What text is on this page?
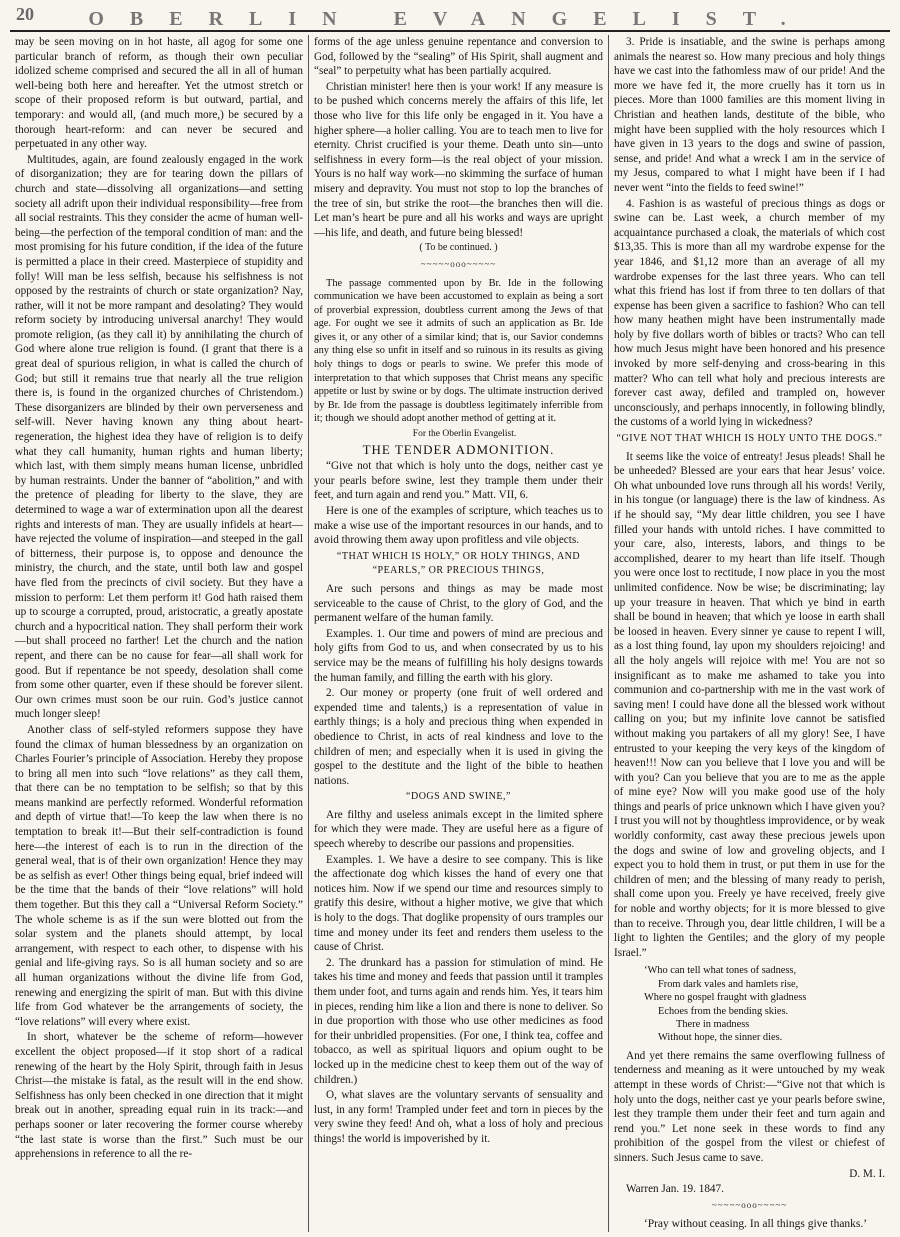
20	OBERLIN EVANGELIST.

may be seen moving on in hot haste, all agog for some one particular branch of reform, as though their own peculiar idolized scheme comprised and secured the all in all of human well-being both here and hereafter. Yet the utmost stretch or scope of their proposed reform is but outward, partial, and temporary: and would all, (and much more,) be secured by a thorough heart-reform: and can never be secured and perpetuated in any other way.

Multitudes, again, are found zealously engaged in the work of disorganization; they are for tearing down the pillars of church and state—dissolving all organizations—and setting society all adrift upon their individual responsibility—free from all social restraints. This they consider the acme of human well-being—the perfection of the temporal condition of man: and the most promising for his future condition, if the idea of the future is permitted a place in their creed. Masterpiece of stupidity and folly! Will man be less selfish, because his selfishness is not opposed by the restraints of church or state organization? Nay, rather, will it not be more rampant and desolating? They would reform society by introducing universal anarchy! They would promote religion, (as they call it) by annihilating the church of God where alone true religion is found. (I grant that there is a great deal of spurious religion, in what is called the church of God; but still it remains true that nearly all the true religion there is, is found in the organized churches of Christendom.) These disorganizers are blinded by their own perverseness and self-will. Never having known any thing about heart-regeneration, the highest idea they have of religion is to deify what they call humanity, human rights and human liberty; which last, with them simply means human license, unbridled by human restraints. Under the banner of “abolition,” and with the pretence of pleading for liberty to the slave, they are determined to wage a war of extermination upon all the dearest rights and interests of man. They are usually infidels at heart—have rejected the volume of inspiration—and steeped in the gall of bitterness, their purpose is, to oppose and denounce the ministry, the church, and the state, until both law and gospel have fled from the precincts of civil society. But they have a mission to perform: Let them perform it! God hath raised them up to scourge a corrupted, proud, aristocratic, a greatly apostate church and a hypocritical nation. They shall perform their work—but shall proceed no farther! Let the church and the nation repent, and there can be no cause for fear—all shall work for good. But if repentance be not speedy, desolation shall come from some other quarter, even if these should be forever silent. Our own crimes must soon be our ruin. God’s justice cannot much longer sleep!

Another class of self-styled reformers suppose they have found the climax of human blessedness by an organization on Charles Fourier’s principle of Association. Hereby they propose to bring all men into such “love relations” as they call them, that there can be no temptation to be selfish; so that by this means mankind are perfectly reformed. Wonderful reformation and depth of virtue that!—To keep the law when there is no temptation to break it!—But their self-contradiction is found here—the interest of each is to run in the direction of the general weal, that is of their own organization! Hence they may be as selfish as ever! Other things being equal, brief indeed will be the time that the bands of their “love relations” will hold them together. But this they call a “Universal Reform Society.” The whole scheme is as if the sun were blotted out from the solar system and the planets should attempt, by local arrangement, with respect to each other, to dispense with his genial and life-giving rays. So is all human society and so are all human organizations without the divine life from God, renewing and energizing the spirit of man. But with this divine life from God whatever be the arrangements of society, the “love relations” will every where exist.

In short, whatever be the scheme of reform—however excellent the object proposed—if it stop short of a radical renewing of the heart by the Holy Spirit, through faith in Jesus Christ—the mistake is fatal, as the result will in the end show. Selfishness has only been checked in one direction that it might break out in another, spreading equal ruin in its track:—and perhaps sooner or later recovering the former course whereby “the last state is worse than the first.” Such must be our apprehensions in reference to all the re-

forms of the age unless genuine repentance and conversion to God, followed by the “sealing” of His Spirit, shall augment and “seal” to perpetuity what has been partially acquired.

Christian minister! here then is your work! If any measure is to be pushed which concerns merely the affairs of this life, let those who live for this life only be engaged in it. You have a higher sphere—a holier calling. You are to teach men to live for eternity. Christ crucified is your theme. Death unto sin—unto selfishness in every form—is the real object of your mission. Yours is no half way work—no skimming the surface of human misery and depravity. You must not stop to lop the branches of the tree of sin, but strike the root—the branches then will die. Let man’s heart be pure and all his works and ways are upright—his life, and death, and future being blessed!

( To be continued. )

~~~~~ooo~~~~~

The passage commented upon by Br. Ide in the following communication we have been accustomed to explain as being a sort of proverbial expression, doubtless current among the Jews of that age. For ought we see it admits of such an application as Br. Ide gives it, or any other of a similar kind; that is, our Savior condemns any thing else so unfit in itself and so ruinous in its results as giving holy things to dogs or pearls to swine. We prefer this mode of interpretation to that which supposes that Christ means any specific appetite or lust by swine or by dogs. The ultimate instruction derived by Br. Ide from the passage is doubtless legitimately inferrible from it; though we should adopt another method of getting at it.

For the Oberlin Evangelist.

THE TENDER ADMONITION.

“Give not that which is holy unto the dogs, neither cast ye your pearls before swine, lest they trample them under their feet, and turn again and rend you.” Matt. VII, 6.

Here is one of the examples of scripture, which teaches us to make a wise use of the important resources in our hands, and to avoid throwing them away upon profitless and vile objects.

“THAT WHICH IS HOLY,” OR HOLY THINGS, AND “PEARLS,” OR PRECIOUS THINGS,

Are such persons and things as may be made most serviceable to the cause of Christ, to the glory of God, and the permanent welfare of the human family.

Examples. 1. Our time and powers of mind are precious and holy gifts from God to us, and when consecrated by us to his service may be the means of fulfilling his holy designs towards the human family, and filling the earth with his glory.

2. Our money or property (one fruit of well ordered and expended time and talents,) is a representation of value in earthly things; is a holy and precious thing when expended in obedience to Christ, in acts of real kindness and love to the children of men; and especially when it is used in giving the gospel to the destitute and the light of the bible to heathen nations.

“DOGS AND SWINE,”

Are filthy and useless animals except in the limited sphere for which they were made. They are useful here as a figure of speech whereby to describe our passions and propensities.

Examples. 1. We have a desire to see company. This is like the affectionate dog which kisses the hand of every one that notices him. Now if we spend our time and resources simply to gratify this desire, without a higher motive, we give that which is holy to the dogs. That doglike propensity of ours tramples our time and money under its feet and renders them useless to the cause of Christ.

2. The drunkard has a passion for stimulation of mind. He takes his time and money and feeds that passion until it tramples them under foot, and turns again and rends him. Yes, it tears him in pieces, rending him like a lion and there is none to deliver. So in due proportion with those who use other medicines as food for their unbridled propensities. (For one, I think tea, coffee and tobacco, as well as spiritual liquors and opium ought to be locked up in the medicine chest to keep them out of the way of children.)

O, what slaves are the voluntary servants of sensuality and lust, in any form! Trampled under feet and torn in pieces by the very swine they feed! And oh, what a loss of holy and precious things! the world is impoverished by it.

3. Pride is insatiable, and the swine is perhaps among animals the nearest so. How many precious and holy things have we cast into the fathomless maw of our pride! And the more we have fed it, the more cruelly has it torn us in pieces. More than 1000 families are this moment living in Christian and heathen lands, destitute of the bible, who might have been supplied with the holy resources which I have given in 13 years to the dogs and swine of passion, sense, and pride! And what a wreck I am in the service of my Jesus, compared to what I might have been if I had never went “into the fields to feed swine!”

4. Fashion is as wasteful of precious things as dogs or swine can be. Last week, a church member of my acquaintance purchased a cloak, the materials of which cost $13,35. This is more than all my wardrobe expense for the year 1846, and $1,12 more than an average of all my wardrobe expenses for the last three years. Who can tell what this friend has lost if from three to ten dollars of that expense has been given a sacrifice to fashion? Who can tell how many heathen might have been instrumentally made holy by five dollars worth of bibles or tracts? Who can tell how much Jesus might have been honored and his presence invoked by more self-denying and cross-bearing in this matter? Who can tell what holy and precious interests are forever cast away, defiled and trampled on, however unconsciously, and perhaps innocently, in following blindly, the customs of a world lying in wickedness?

“GIVE NOT THAT WHICH IS HOLY UNTO THE DOGS.”

It seems like the voice of entreaty! Jesus pleads! Shall he be unheeded? Blessed are your ears that hear Jesus’ voice. Oh what unbounded love runs through all his words! Verily, in his tongue (or language) there is the law of kindness. As if he should say, “My dear little children, you see I have filled your hands with untold riches. I have committed to your care, also, interests, labors, and things to be accomplished, dearer to my heart than life itself. Though you were once lost to rectitude, I now place in you the most unlimited confidence. Now be wise; be discriminating; lay up your treasure in heaven. That which ye bind in earth shall be bound in heaven; that which ye loose in earth shall be loosed in heaven. Every sinner ye cause to repent I will, as a lost thing found, lay upon my shoulders rejoicing! and all the holy angels will rejoice with me! You are not so insignificant as to make me ashamed to take you into communion and co-partnership with me in the vast work of saving men! I could have done all the blessed work without calling on you; but my infinite love cannot be satisfied without making you partakers of all my glory! See, I have entrusted to your keeping the very keys of the kingdom of heaven!!! Now can you believe that I love you and will be with you? Can you believe that you are to me as the apple of mine eye? Now will you make good use of the holy things and pearls of price unknown which I have given you? I trust you will not by thoughtless improvidence, or by weak worldly conformity, cast away these precious jewels upon the dogs and swine of low and groveling objects, and I expect you to hold them in trust, or put them in use for the children of men; and the blessing of many ready to perish, shall come upon you. Freely ye have received, freely give for noble and worthy objects; for it is more blessed to give than to receive. Through you, dear little children, I will be a light to lighten the Gentiles; and the glory of my people Israel.”

‘Who can tell what tones of sadness,
From dark vales and hamlets rise,
Where no gospel fraught with gladness
Echoes from the bending skies.
There in madness
Without hope, the sinner dies.

And yet there remains the same overflowing fullness of tenderness and meaning as it were untouched by my weak attempt in these words of Christ:—“Give not that which is holy unto the dogs, neither cast ye your pearls before swine, lest they trample them under their feet and turn again and rend you.” Let none seek in these words to find any prohibition of the gospel from the vilest or chiefest of sinners. Such Jesus came to save.

D. M. I.

Warren Jan. 19. 1847.

~~~~~ooo~~~~~

‘Pray without ceasing. In all things give thanks.’
